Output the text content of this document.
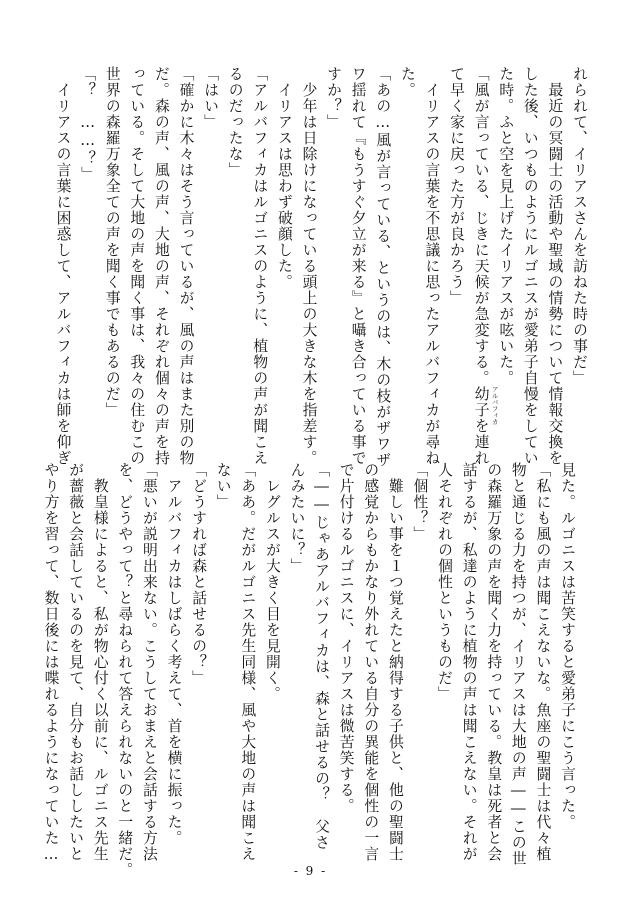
れられて、イリアスさんを訪ねた時の事だ」
　最近の冥闘士の活動や聖域の情勢について情報交換を
した後、いつものようにルゴニスが愛弟子自慢をしてい
た時。ふと空を見上げたイリアスが呟いた。
「風が言っている、じきに天候が急変する。幼子 アルバフィカ
を連れ
て早く家に戻った方が良かろう」
　イリアスの言葉を不思議に思ったアルバフィカが尋ね
た。
「あの…風が言っている、というのは、木の枝がザワザ
ワ揺れて『もうすぐ夕立が来る』と囁き合っている事で
すか？」
　少年は日除けになっている頭上の大きな木を指差す。
　イリアスは思わず破顔した。
「アルバフィカはルゴニスのように、植物の声が聞こえ
るのだったな」
「はい」
「確かに木々はそう言っているが、風の声はまた別の物
だ。森の声、風の声、大地の声、それぞれ個々の声を持
っている。そして大地の声を聞く事は、我々の住むこの
世界の森羅万象全ての声を聞く事でもあるのだ」
「？　……？」
　イリアスの言葉に困惑して、アルバフィカは師を仰ぎ
見た。ルゴニスは苦笑すると愛弟子にこう言った。
「私にも風の声は聞こえないな。魚座の聖闘士は代々植
物と通じる力を持つが、イリアスは大地の声――この世
の森羅万象の声を聞く力を持っている。教皇は死者と会
話するが、私達のように植物の声は聞こえない。それが
人それぞれの個性というものだ」
「個性？」
　難しい事を１つ覚えたと納得する子供と、他の聖闘士
の感覚からもかなり外れている自分の異能を個性の一言
で片付けるルゴニスに、イリアスは微苦笑する。
「――じゃあアルバフィカは、森と話せるの？　父さ
んみたいに？」
　レグルスが大きく目を見開く。
「ああ。だがルゴニス先生同様、風や大地の声は聞こえ
ない」
「どうすれば森と話せるの？」
　アルバフィカはしばらく考えて、首を横に振った。
「悪いが説明出来ない。こうしておまえと会話する方法
を、どうやって？と尋ねられて答えられないのと一緒だ。
　教皇様によると、私が物心付く以前に、ルゴニス先生
が薔薇と会話しているのを見て、自分もお話ししたいと
やり方を習って、数日後には喋れるようになっていた…
- 9 -
